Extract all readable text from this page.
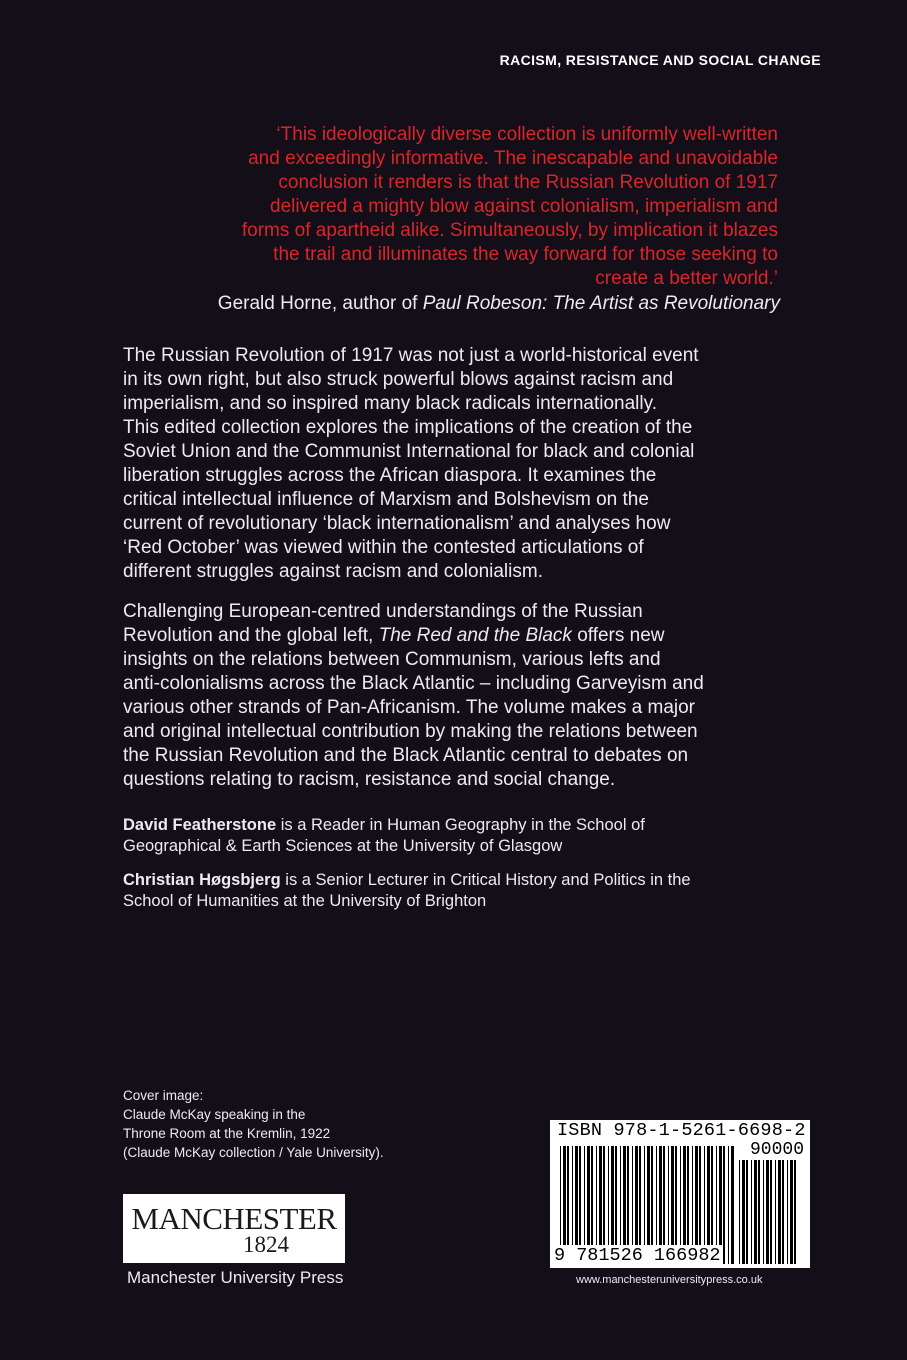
RACISM, RESISTANCE AND SOCIAL CHANGE
‘This ideologically diverse collection is uniformly well-written
and exceedingly informative. The inescapable and unavoidable
conclusion it renders is that the Russian Revolution of 1917
delivered a mighty blow against colonialism, imperialism and
forms of apartheid alike. Simultaneously, by implication it blazes
the trail and illuminates the way forward for those seeking to
create a better world.’
Gerald Horne, author of Paul Robeson: The Artist as Revolutionary
The Russian Revolution of 1917 was not just a world-historical event
in its own right, but also struck powerful blows against racism and
imperialism, and so inspired many black radicals internationally.
This edited collection explores the implications of the creation of the
Soviet Union and the Communist International for black and colonial
liberation struggles across the African diaspora. It examines the
critical intellectual influence of Marxism and Bolshevism on the
current of revolutionary ‘black internationalism’ and analyses how
‘Red October’ was viewed within the contested articulations of
different struggles against racism and colonialism.
Challenging European-centred understandings of the Russian
Revolution and the global left, The Red and the Black offers new
insights on the relations between Communism, various lefts and
anti-colonialisms across the Black Atlantic – including Garveyism and
various other strands of Pan-Africanism. The volume makes a major
and original intellectual contribution by making the relations between
the Russian Revolution and the Black Atlantic central to debates on
questions relating to racism, resistance and social change.
David Featherstone is a Reader in Human Geography in the School of
Geographical & Earth Sciences at the University of Glasgow
Christian Høgsbjerg is a Senior Lecturer in Critical History and Politics in the
School of Humanities at the University of Brighton
Cover image:
Claude McKay speaking in the
Throne Room at the Kremlin, 1922
(Claude McKay collection / Yale University).
MANCHESTER
1824
Manchester University Press
ISBN 978-1-5261-6698-2
90000
9 781526 166982
www.manchesteruniversitypress.co.uk
